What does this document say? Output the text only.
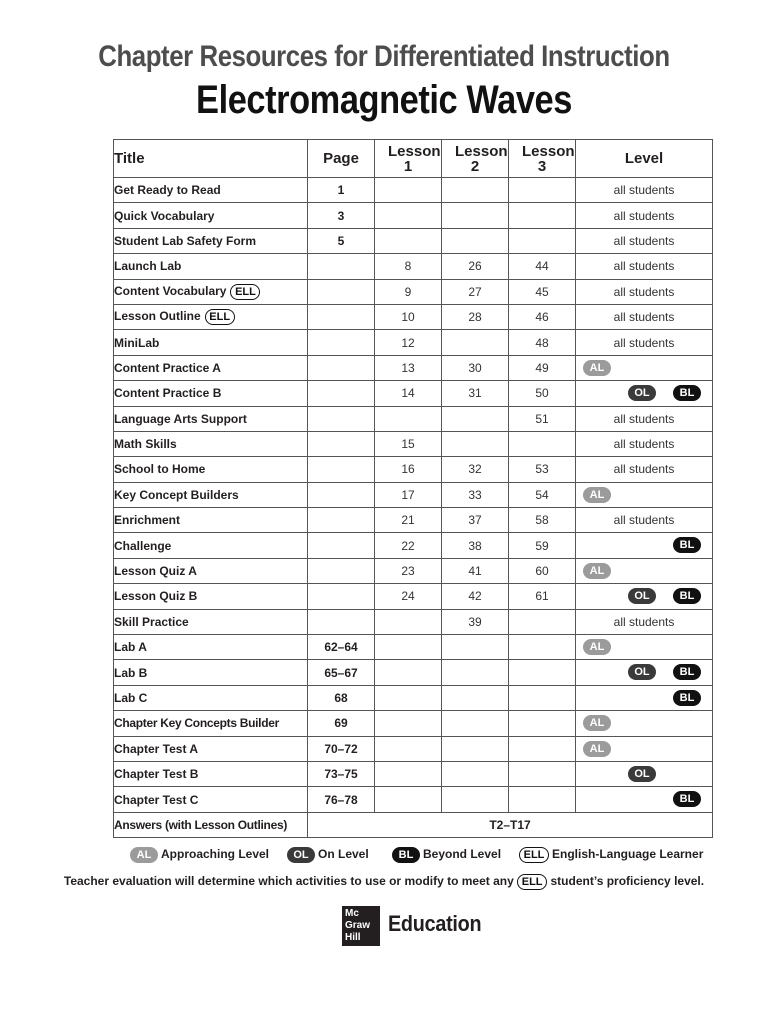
Chapter Resources for Differentiated Instruction
Electromagnetic Waves
Title	Page	Lesson 1	Lesson 2	Lesson 3	Level
Get Ready to Read	1				all students

Quick Vocabulary	3				all students

Student Lab Safety Form	5				all students

Launch Lab		8	26	44	all students

Content Vocabulary ELL		9	27	45	all students

Lesson Outline ELL		10	28	46	all students

MiniLab		12		48	all students

Content Practice A		13	30	49	AL

Content Practice B		14	31	50	OL BL

Language Arts Support				51	all students

Math Skills		15			all students

School to Home		16	32	53	all students

Key Concept Builders		17	33	54	AL

Enrichment		21	37	58	all students

Challenge		22	38	59	BL

Lesson Quiz A		23	41	60	AL

Lesson Quiz B		24	42	61	OL BL

Skill Practice			39		all students

Lab A	62–64				AL

Lab B	65–67				OL BL

Lab C	68				BL

Chapter Key Concepts Builder	69				AL

Chapter Test A	70–72				AL

Chapter Test B	73–75				OL

Chapter Test C	76–78				BL

Answers (with Lesson Outlines)	T2–T17				
AL Approaching Level	OL On Level	BL Beyond Level	ELL English-Language Learner
Teacher evaluation will determine which activities to use or modify to meet any ELL student’s proficiency level.
Mc
Graw
Hill
Education
